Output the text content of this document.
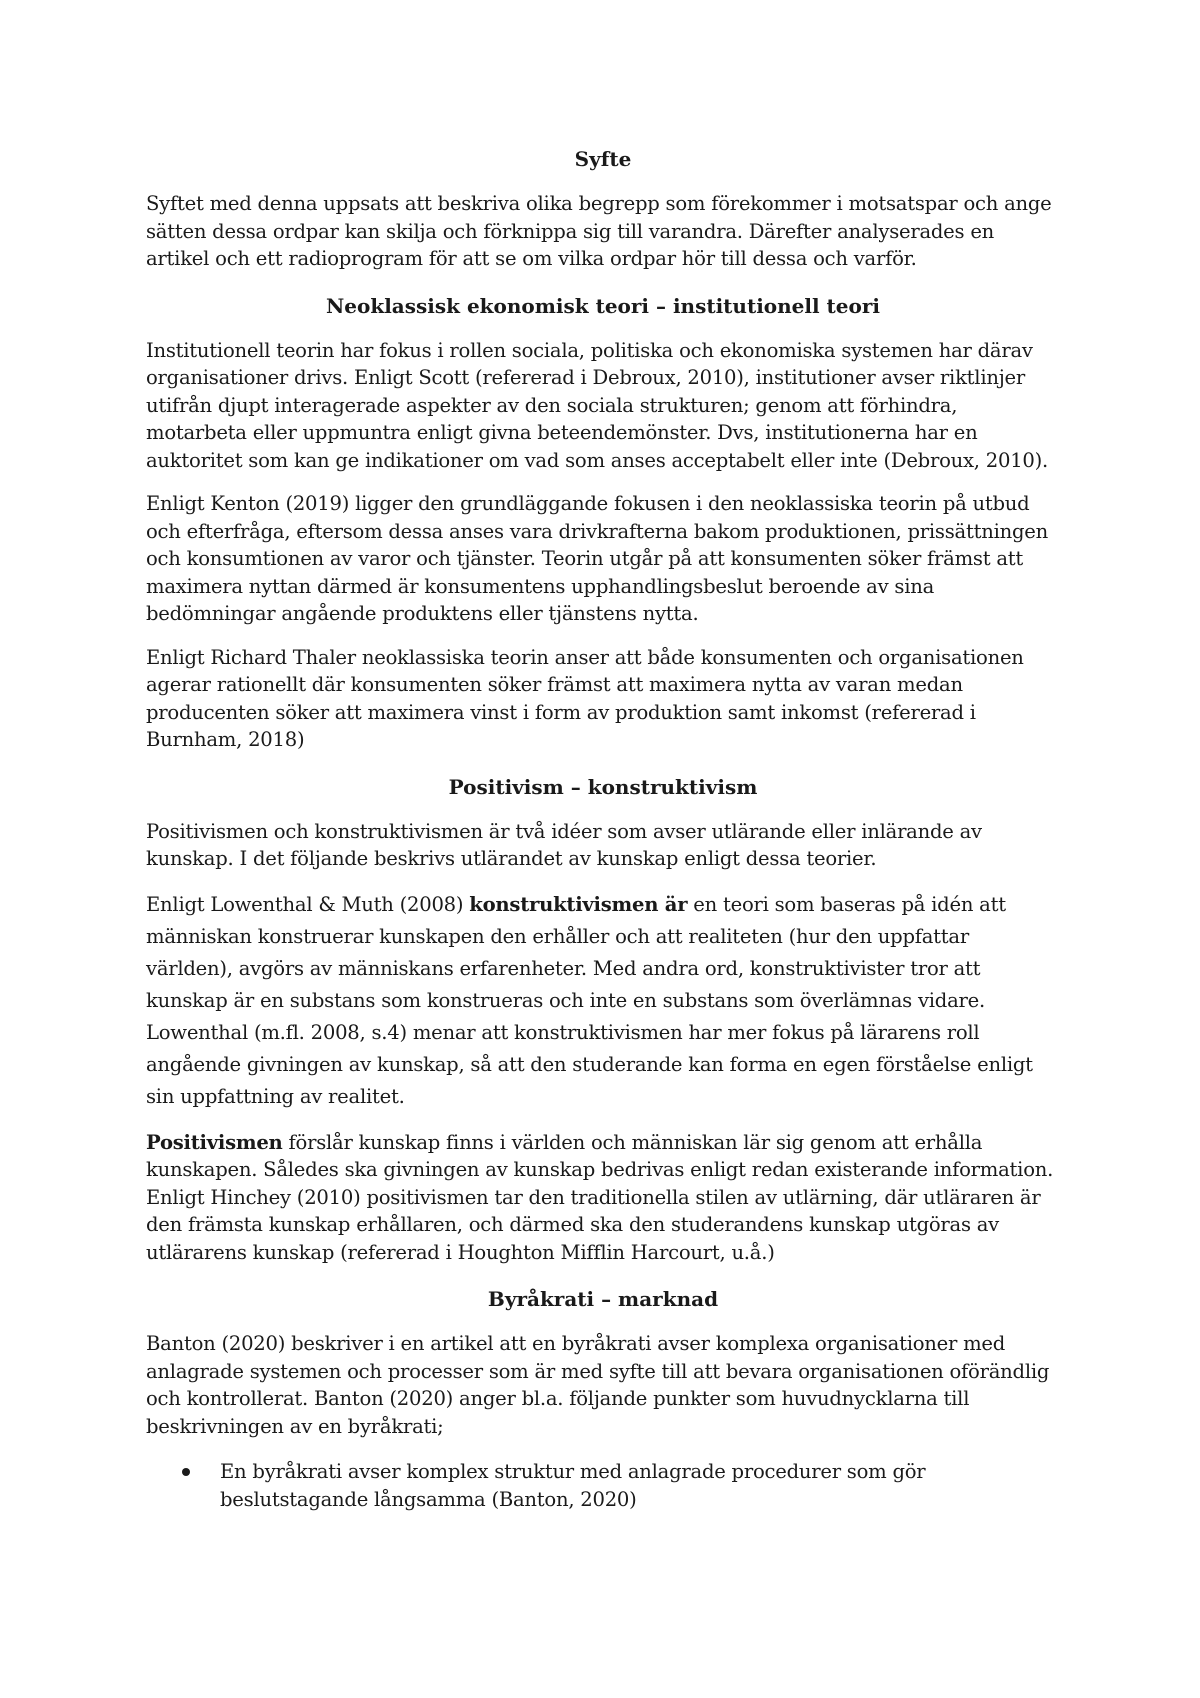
Syfte

Syftet med denna uppsats att beskriva olika begrepp som förekommer i motsatspar och ange sätten dessa ordpar kan skilja och förknippa sig till varandra. Därefter analyserades en artikel och ett radioprogram för att se om vilka ordpar hör till dessa och varför.

Neoklassisk ekonomisk teori – institutionell teori

Institutionell teorin har fokus i rollen sociala, politiska och ekonomiska systemen har därav organisationer drivs. Enligt Scott (refererad i Debroux, 2010), institutioner avser riktlinjer utifrån djupt interagerade aspekter av den sociala strukturen; genom att förhindra, motarbeta eller uppmuntra enligt givna beteendemönster. Dvs, institutionerna har en auktoritet som kan ge indikationer om vad som anses acceptabelt eller inte (Debroux, 2010).

Enligt Kenton (2019) ligger den grundläggande fokusen i den neoklassiska teorin på utbud och efterfråga, eftersom dessa anses vara drivkrafterna bakom produktionen, prissättningen och konsumtionen av varor och tjänster. Teorin utgår på att konsumenten söker främst att maximera nyttan därmed är konsumentens upphandlingsbeslut beroende av sina bedömningar angående produktens eller tjänstens nytta.

Enligt Richard Thaler neoklassiska teorin anser att både konsumenten och organisationen agerar rationellt där konsumenten söker främst att maximera nytta av varan medan producenten söker att maximera vinst i form av produktion samt inkomst (refererad i Burnham, 2018)

Positivism – konstruktivism

Positivismen och konstruktivismen är två idéer som avser utlärande eller inlärande av kunskap. I det följande beskrivs utlärandet av kunskap enligt dessa teorier.

Enligt Lowenthal & Muth (2008) konstruktivismen är en teori som baseras på idén att människan konstruerar kunskapen den erhåller och att realiteten (hur den uppfattar världen), avgörs av människans erfarenheter. Med andra ord, konstruktivister tror att kunskap är en substans som konstrueras och inte en substans som överlämnas vidare. Lowenthal (m.fl. 2008, s.4) menar att konstruktivismen har mer fokus på lärarens roll angående givningen av kunskap, så att den studerande kan forma en egen förståelse enligt sin uppfattning av realitet.

Positivismen förslår kunskap finns i världen och människan lär sig genom att erhålla kunskapen. Således ska givningen av kunskap bedrivas enligt redan existerande information. Enligt Hinchey (2010) positivismen tar den traditionella stilen av utlärning, där utläraren är den främsta kunskap erhållaren, och därmed ska den studerandens kunskap utgöras av utlärarens kunskap (refererad i Houghton Mifflin Harcourt, u.å.)

Byråkrati – marknad

Banton (2020) beskriver i en artikel att en byråkrati avser komplexa organisationer med anlagrade systemen och processer som är med syfte till att bevara organisationen oförändlig och kontrollerat. Banton (2020) anger bl.a. följande punkter som huvudnycklarna till beskrivningen av en byråkrati;

En byråkrati avser komplex struktur med anlagrade procedurer som gör beslutstagande långsamma (Banton, 2020)
